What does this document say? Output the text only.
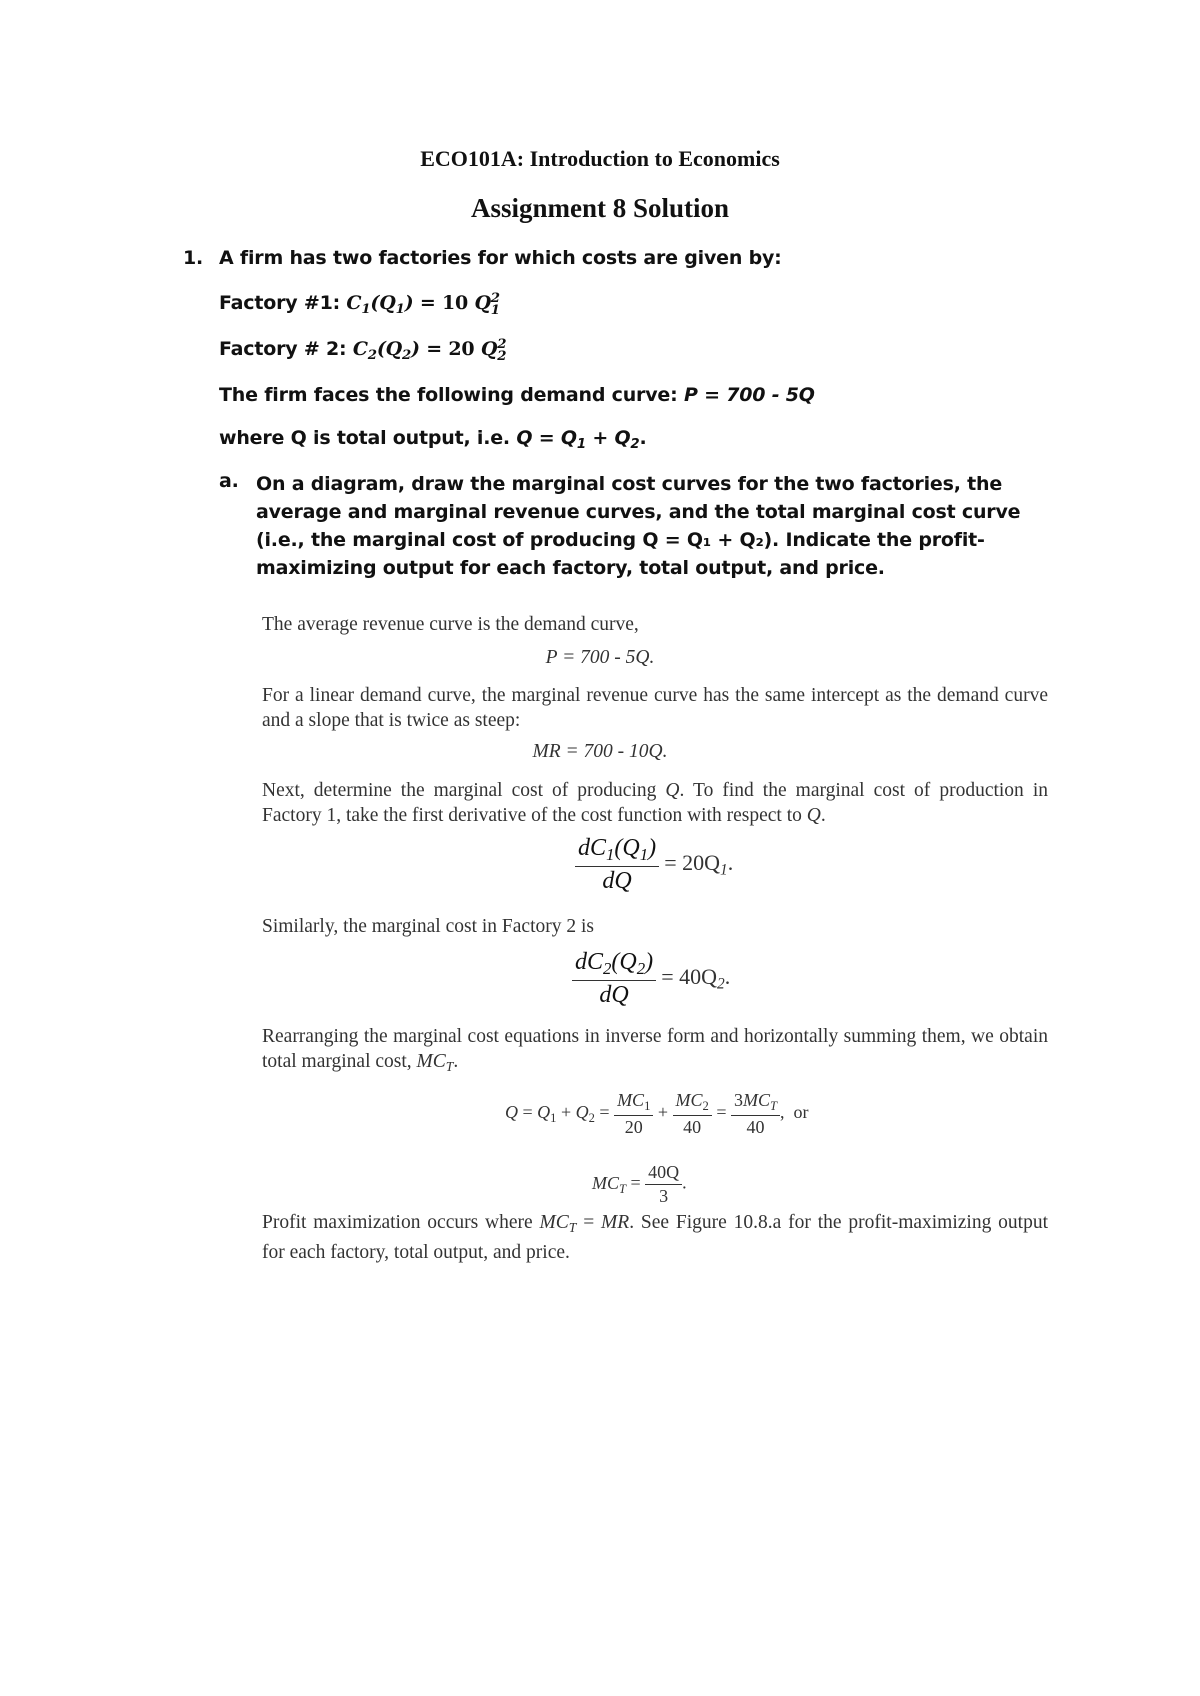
ECO101A: Introduction to Economics
Assignment 8 Solution
1. A firm has two factories for which costs are given by:
Factory #1: $C_1(Q_1) = 10$ Q 2
1
Factory # 2: $C_2(Q_2) = 20$ Q 2
2
The firm faces the following demand curve: P = 700 - 5Q
where Q is total output, i.e. $Q = Q_1 + Q_2$.
a. On a diagram, draw the marginal cost curves for the two factories, the average and marginal revenue curves, and the total marginal cost curve (i.e., the marginal cost of producing Q = Q₁ + Q₂). Indicate the profit-maximizing output for each factory, total output, and price.
The average revenue curve is the demand curve,
P = 700 - 5Q.
For a linear demand curve, the marginal revenue curve has the same intercept as the demand curve and a slope that is twice as steep:
MR = 700 - 10Q.
Next, determine the marginal cost of producing Q. To find the marginal cost of production in Factory 1, take the first derivative of the cost function with respect to Q.
$\frac{dC_1(Q_1)}{dQ} = 20Q_1$.
Similarly, the marginal cost in Factory 2 is
$\frac{dC_2(Q_2)}{dQ} = 40Q_2$.
Rearranging the marginal cost equations in inverse form and horizontally summing them, we obtain total marginal cost, $MC_T$.
$Q = Q_1 + Q_2 = \frac{MC_1}{20} + \frac{MC_2}{40} = \frac{3MC_T}{40}$ ,  or
$MC_T = \frac{40Q}{3}$ .
Profit maximization occurs where $MC_T$ = MR. See Figure 10.8.a for the profit-maximizing output for each factory, total output, and price.
